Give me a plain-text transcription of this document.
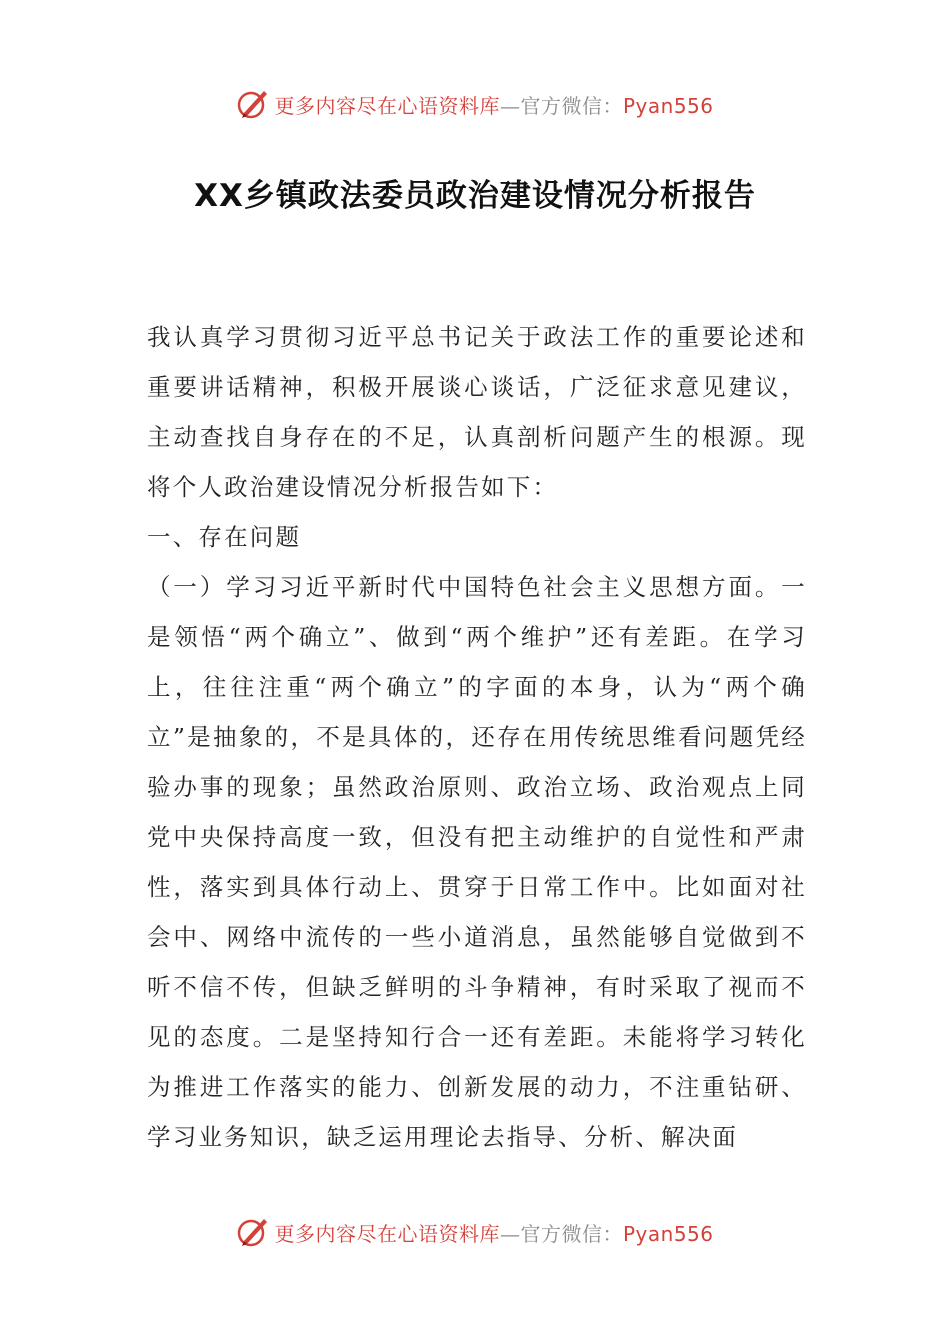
更多内容尽在心语资料库—官方微信：Pyan556
XX乡镇政法委员政治建设情况分析报告

我认真学习贯彻习近平总书记关于政法工作的重要论述和重要讲话精神，积极开展谈心谈话，广泛征求意见建议，主动查找自身存在的不足，认真剖析问题产生的根源。现将个人政治建设情况分析报告如下：

一、存在问题

（一）学习习近平新时代中国特色社会主义思想方面。一是领悟“两个确立”、做到“两个维护”还有差距。在学习上，往往注重“两个确立”的字面的本身，认为“两个确立”是抽象的，不是具体的，还存在用传统思维看问题凭经验办事的现象；虽然政治原则、政治立场、政治观点上同党中央保持高度一致，但没有把主动维护的自觉性和严肃性，落实到具体行动上、贯穿于日常工作中。比如面对社会中、网络中流传的一些小道消息，虽然能够自觉做到不听不信不传，但缺乏鲜明的斗争精神，有时采取了视而不见的态度。二是坚持知行合一还有差距。未能将学习转化为推进工作落实的能力、创新发展的动力，不注重钻研、学习业务知识，缺乏运用理论去指导、分析、解决面

更多内容尽在心语资料库—官方微信：Pyan556
